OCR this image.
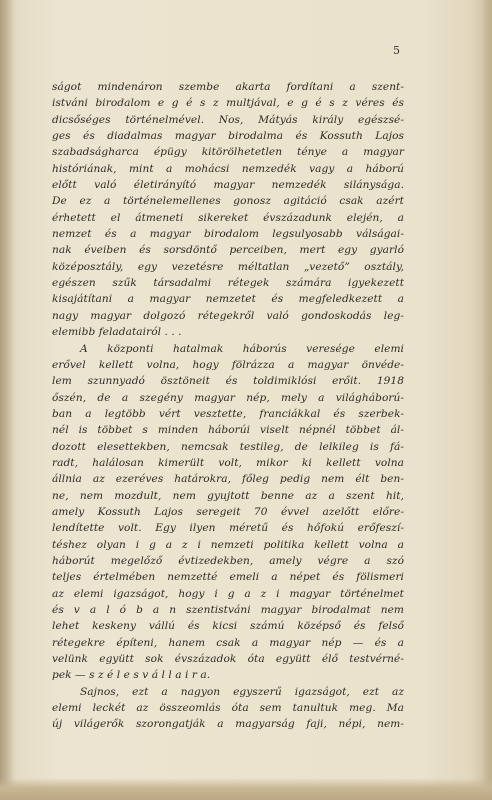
5
ságot mindenáron szembe akarta fordítani a szent-
istváni birodalom e g é s z multjával, e g é s z véres és
dicsőséges történelmével. Nos, Mátyás király egészsé-
ges és diadalmas magyar birodalma és Kossuth Lajos
szabadságharca épügy kitörölhetetlen ténye a magyar
históriának, mint a mohácsi nemzedék vagy a háború
előtt való életirányító magyar nemzedék silánysága.
De ez a történelemellenes gonosz agitáció csak azért
érhetett el átmeneti sikereket évszázadunk elején, a
nemzet és a magyar birodalom legsulyosabb válságai-
nak éveiben és sorsdöntő perceiben, mert egy gyarló
középosztály, egy vezetésre méltatlan „vezető” osztály,
egészen szűk társadalmi rétegek számára igyekezett
kisajátítani a magyar nemzetet és megfeledkezett a
nagy magyar dolgozó rétegekről való gondoskodás leg-
elemibb feladatairól . . .
A központi hatalmak háborús veresége elemi
erővel kellett volna, hogy fölrázza a magyar önvéde-
lem szunnyadó ösztöneit és toldimiklósi erőit. 1918
őszén, de a szegény magyar nép, mely a világháború-
ban a legtöbb vért vesztette, franciákkal és szerbek-
nél is többet s minden háborúi viselt népnél többet ál-
dozott elesettekben, nemcsak testileg, de lelkileg is fá-
radt, halálosan kimerült volt, mikor ki kellett volna
állnia az ezeréves határokra, főleg pedig nem élt ben-
ne, nem mozdult, nem gyujtott benne az a szent hit,
amely Kossuth Lajos seregeit 70 évvel azelőtt előre-
lendítette volt. Egy ilyen méretű és hőfokú erőfeszí-
téshez olyan i g a z i nemzeti politika kellett volna a
háborút megelőző évtizedekben, amely végre a szó
teljes értelmében nemzetté emeli a népet és fölismeri
az elemi igazságot, hogy i g a z i magyar történelmet
és v a l ó b a n szentistváni magyar birodalmat nem
lehet keskeny vállú és kicsi számú középső és felső
rétegekre építeni, hanem csak a magyar nép — és a
velünk együtt sok évszázadok óta együtt élő testvérné-
pek — s z é l e s v á l l a i r a.
Sajnos, ezt a nagyon egyszerű igazságot, ezt az
elemi leckét az összeomlás óta sem tanultuk meg. Ma
új világerők szorongatják a magyarság faji, népi, nem-
